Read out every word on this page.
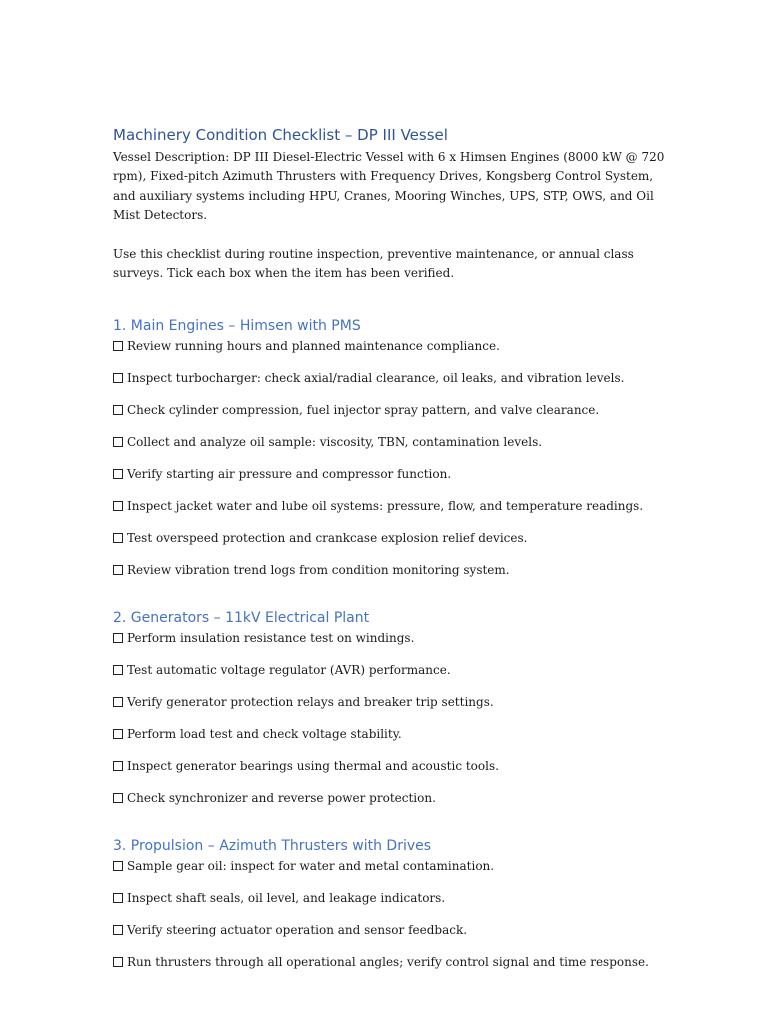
Machinery Condition Checklist – DP III Vessel

Vessel Description: DP III Diesel-Electric Vessel with 6 x Himsen Engines (8000 kW @ 720 rpm), Fixed-pitch Azimuth Thrusters with Frequency Drives, Kongsberg Control System, and auxiliary systems including HPU, Cranes, Mooring Winches, UPS, STP, OWS, and Oil Mist Detectors.

Use this checklist during routine inspection, preventive maintenance, or annual class surveys. Tick each box when the item has been verified.

1. Main Engines – Himsen with PMS
Review running hours and planned maintenance compliance.
Inspect turbocharger: check axial/radial clearance, oil leaks, and vibration levels.
Check cylinder compression, fuel injector spray pattern, and valve clearance.
Collect and analyze oil sample: viscosity, TBN, contamination levels.
Verify starting air pressure and compressor function.
Inspect jacket water and lube oil systems: pressure, flow, and temperature readings.
Test overspeed protection and crankcase explosion relief devices.
Review vibration trend logs from condition monitoring system.
2. Generators – 11kV Electrical Plant
Perform insulation resistance test on windings.
Test automatic voltage regulator (AVR) performance.
Verify generator protection relays and breaker trip settings.
Perform load test and check voltage stability.
Inspect generator bearings using thermal and acoustic tools.
Check synchronizer and reverse power protection.
3. Propulsion – Azimuth Thrusters with Drives
Sample gear oil: inspect for water and metal contamination.
Inspect shaft seals, oil level, and leakage indicators.
Verify steering actuator operation and sensor feedback.
Run thrusters through all operational angles; verify control signal and time response.
